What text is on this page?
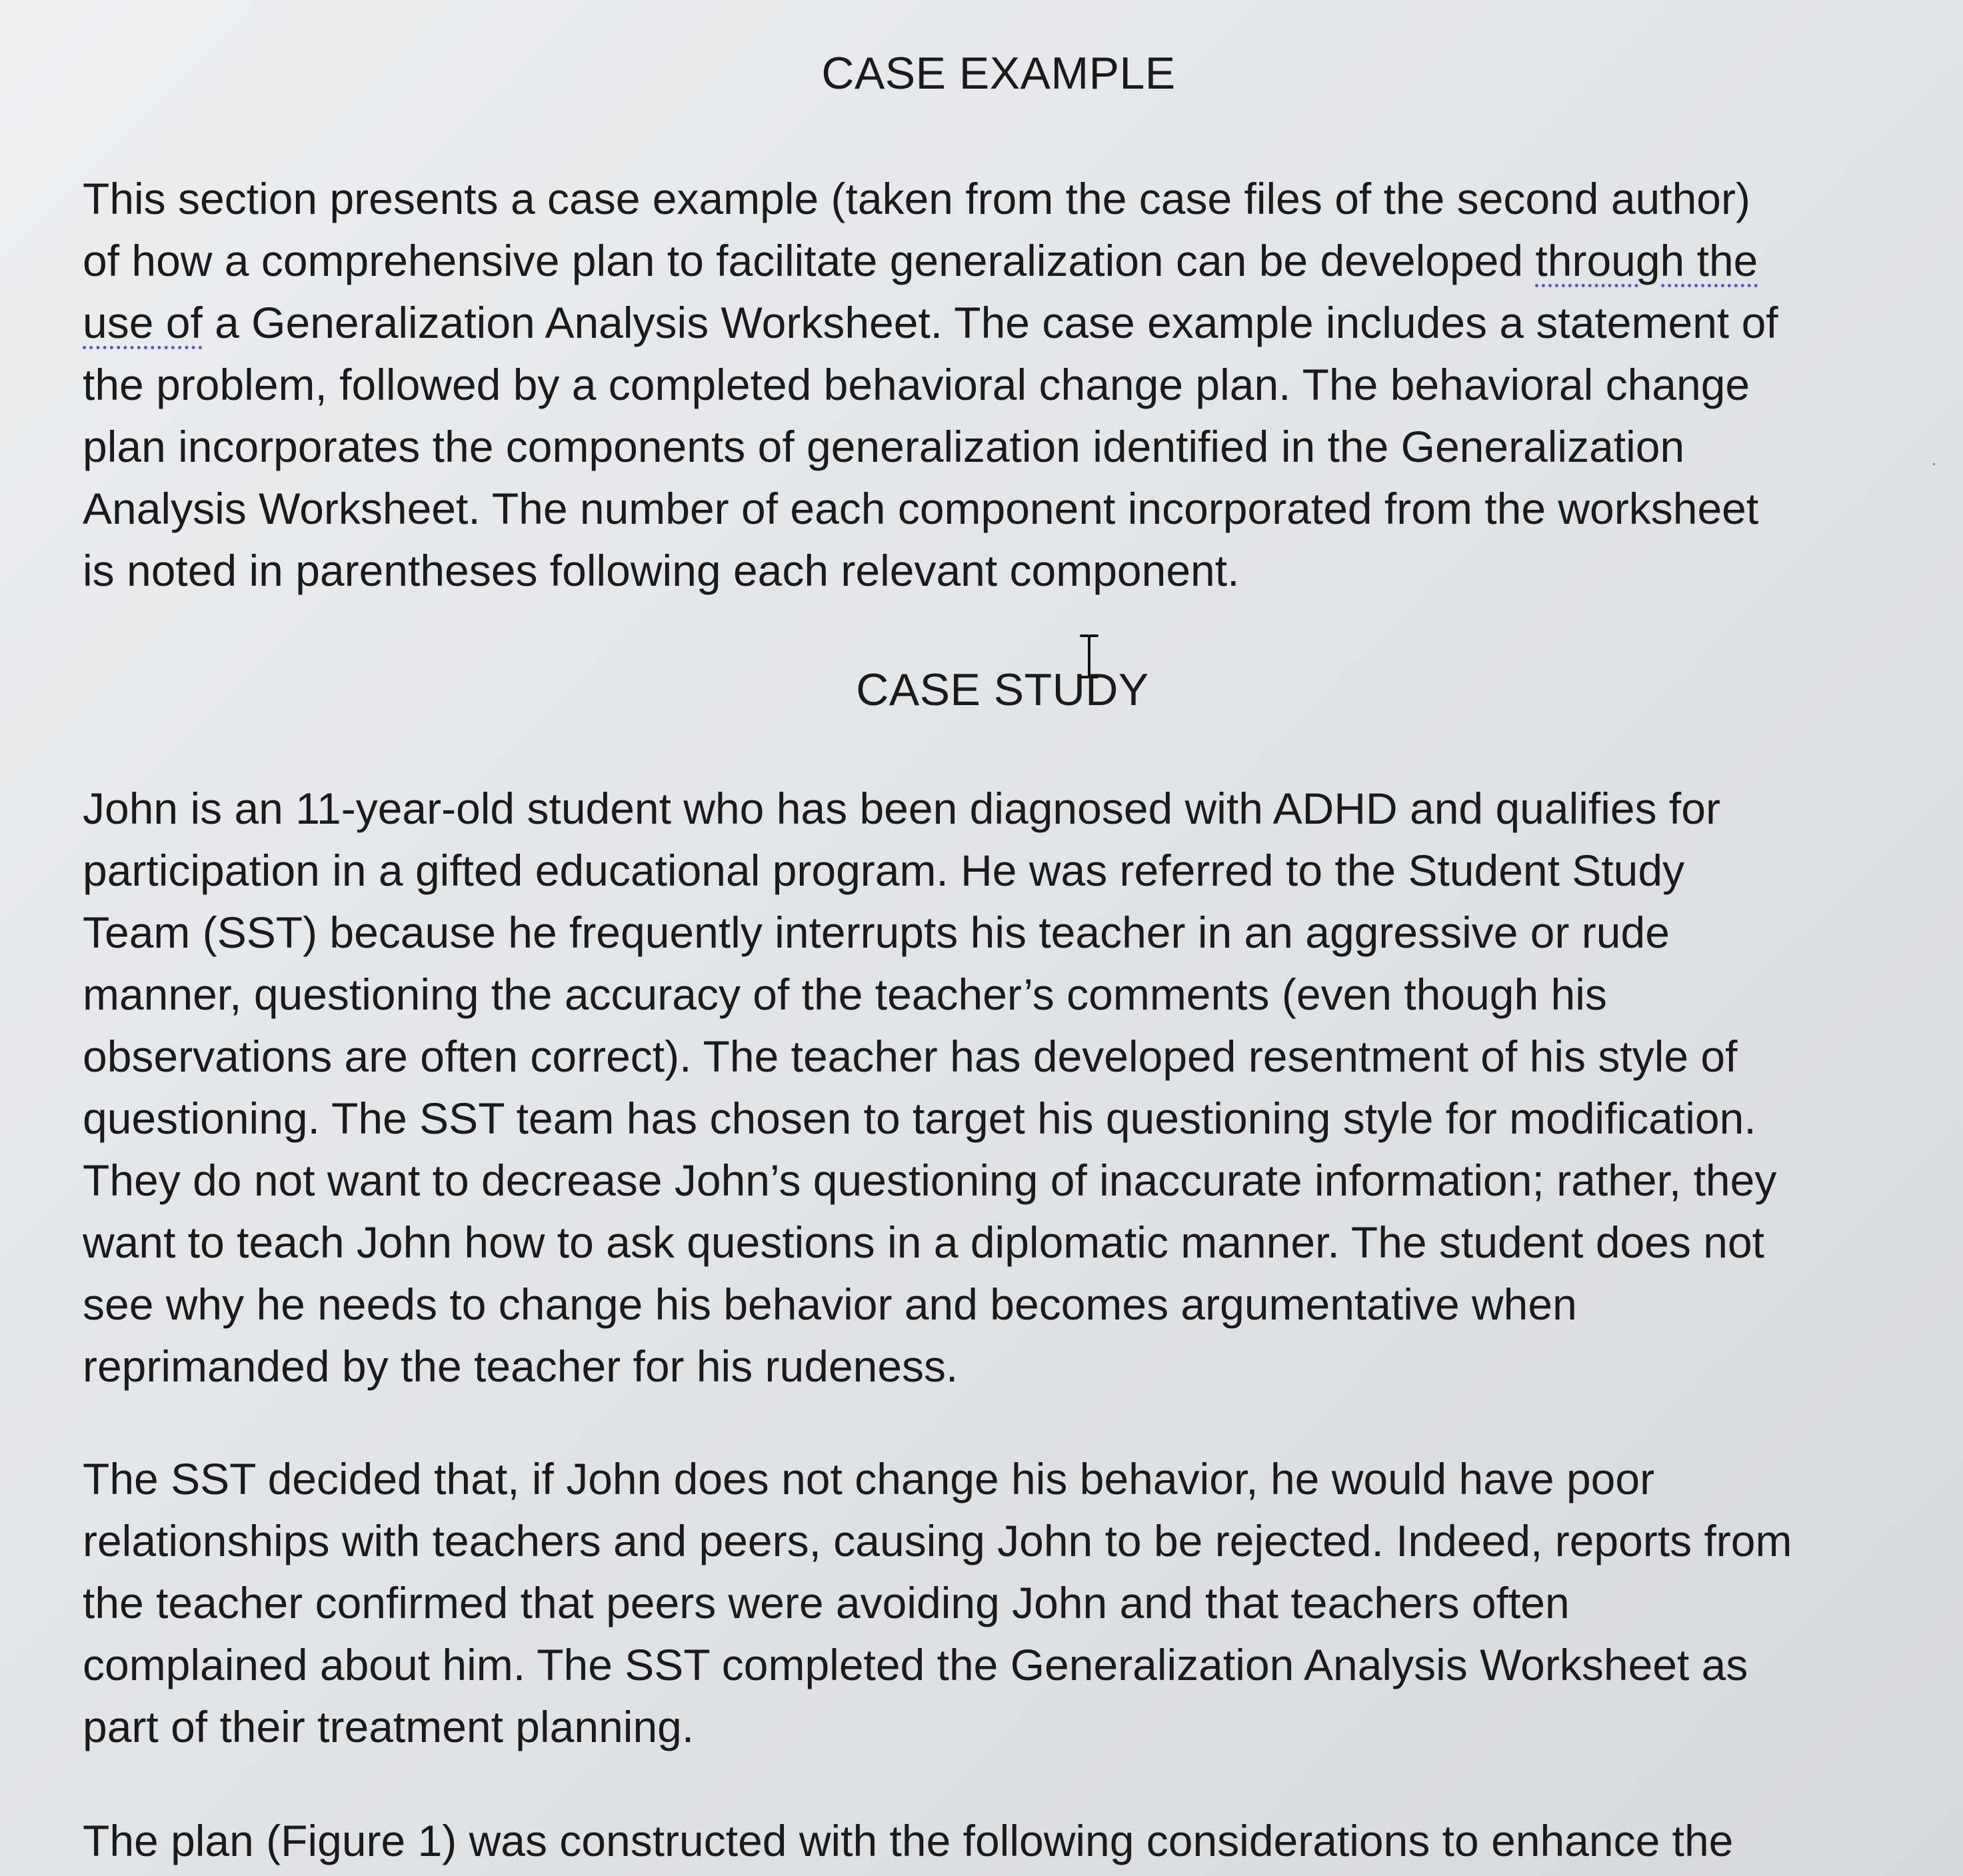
CASE EXAMPLE

This section presents a case example (taken from the case files of the second author)
of how a comprehensive plan to facilitate generalization can be developed through the
use of a Generalization Analysis Worksheet. The case example includes a statement of
the problem, followed by a completed behavioral change plan. The behavioral change
plan incorporates the components of generalization identified in the Generalization
Analysis Worksheet. The number of each component incorporated from the worksheet
is noted in parentheses following each relevant component.

CASE STUDY

John is an 11-year-old student who has been diagnosed with ADHD and qualifies for
participation in a gifted educational program. He was referred to the Student Study
Team (SST) because he frequently interrupts his teacher in an aggressive or rude
manner, questioning the accuracy of the teacher’s comments (even though his
observations are often correct). The teacher has developed resentment of his style of
questioning. The SST team has chosen to target his questioning style for modification.
They do not want to decrease John’s questioning of inaccurate information; rather, they
want to teach John how to ask questions in a diplomatic manner. The student does not
see why he needs to change his behavior and becomes argumentative when
reprimanded by the teacher for his rudeness.

The SST decided that, if John does not change his behavior, he would have poor
relationships with teachers and peers, causing John to be rejected. Indeed, reports from
the teacher confirmed that peers were avoiding John and that teachers often
complained about him. The SST completed the Generalization Analysis Worksheet as
part of their treatment planning.

The plan (Figure 1) was constructed with the following considerations to enhance the
